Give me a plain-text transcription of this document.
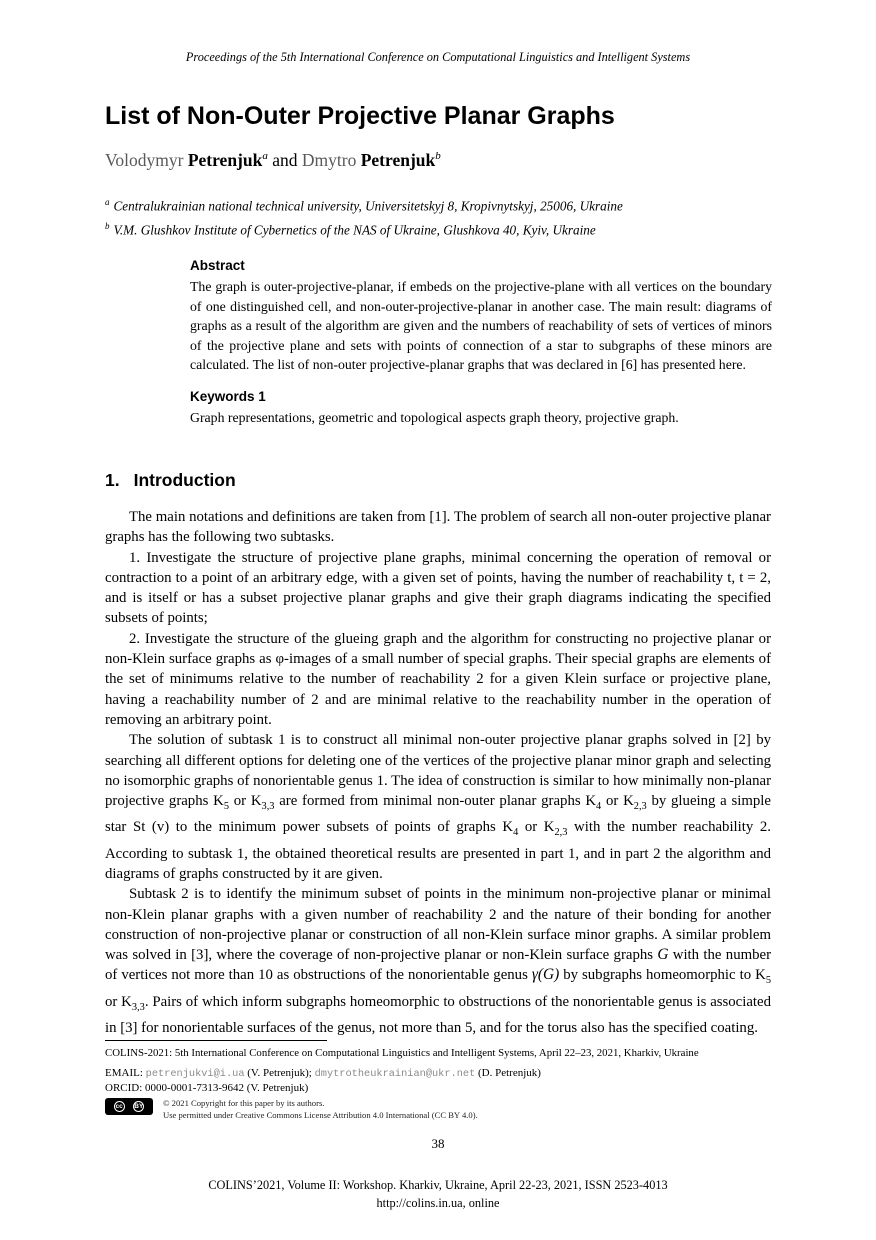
Proceedings of the 5th International Conference on Computational Linguistics and Intelligent Systems
List of Non-Outer Projective Planar Graphs
Volodymyr Petrenjuk$^a$ and Dmytro Petrenjuk$^b$
$^a$ Centralukrainian national technical university, Universitetskyj 8, Kropivnytskyj, 25006, Ukraine
$^b$ V.M. Glushkov Institute of Cybernetics of the NAS of Ukraine, Glushkova 40, Kyiv, Ukraine
Abstract

The graph is outer-projective-planar, if embeds on the projective-plane with all vertices on the boundary of one distinguished cell, and non-outer-projective-planar in another case. The main result: diagrams of graphs as a result of the algorithm are given and the numbers of reachability of sets of vertices of minors of the projective plane and sets with points of connection of a star to subgraphs of these minors are calculated. The list of non-outer projective-planar graphs that was declared in [6] has presented here.

Keywords 1

Graph representations, geometric and topological aspects graph theory, projective graph.

1. Introduction

The main notations and definitions are taken from [1]. The problem of search all non-outer projective planar graphs has the following two subtasks.

1. Investigate the structure of projective plane graphs, minimal concerning the operation of removal or contraction to a point of an arbitrary edge, with a given set of points, having the number of reachability t, t = 2, and is itself or has a subset projective planar graphs and give their graph diagrams indicating the specified subsets of points;

2. Investigate the structure of the glueing graph and the algorithm for constructing no projective planar or non-Klein surface graphs as φ-images of a small number of special graphs. Their special graphs are elements of the set of minimums relative to the number of reachability 2 for a given Klein surface or projective plane, having a reachability number of 2 and are minimal relative to the reachability number in the operation of removing an arbitrary point.

The solution of subtask 1 is to construct all minimal non-outer projective planar graphs solved in [2] by searching all different options for deleting one of the vertices of the projective planar minor graph and selecting no isomorphic graphs of nonorientable genus 1. The idea of construction is similar to how minimally non-planar projective graphs $K_5$ or $K_{3,3}$ are formed from minimal non-outer planar graphs $K_4$ or $K_{2,3}$ by glueing a simple star St (v) to the minimum power subsets of points of graphs $K_4$ or $K_{2,3}$ with the number reachability 2. According to subtask 1, the obtained theoretical results are presented in part 1, and in part 2 the algorithm and diagrams of graphs constructed by it are given.

Subtask 2 is to identify the minimum subset of points in the minimum non-projective planar or minimal non-Klein planar graphs with a given number of reachability 2 and the nature of their bonding for another construction of non-projective planar or construction of all non-Klein surface minor graphs. A similar problem was solved in [3], where the coverage of non-projective planar or non-Klein surface graphs G with the number of vertices not more than 10 as obstructions of the nonorientable genus γ(G) by subgraphs homeomorphic to $K_5$ or $K_{3,3}$. Pairs of which inform subgraphs homeomorphic to obstructions of the nonorientable genus is associated in [3] for nonorientable surfaces of the genus, not more than 5, and for the torus also has the specified coating.

COLINS-2021: 5th International Conference on Computational Linguistics and Intelligent Systems, April 22–23, 2021, Kharkiv, Ukraine
EMAIL: petrenjukvi@i.ua (V. Petrenjuk); dmytrotheukrainian@ukr.net (D. Petrenjuk)
ORCID: 0000-0001-7313-9642 (V. Petrenjuk)
cc BY © 2021 Copyright for this paper by its authors.
Use permitted under Creative Commons License Attribution 4.0 International (CC BY 4.0).
38
COLINS’2021, Volume II: Workshop. Kharkiv, Ukraine, April 22-23, 2021, ISSN 2523-4013
http://colins.in.ua, online
